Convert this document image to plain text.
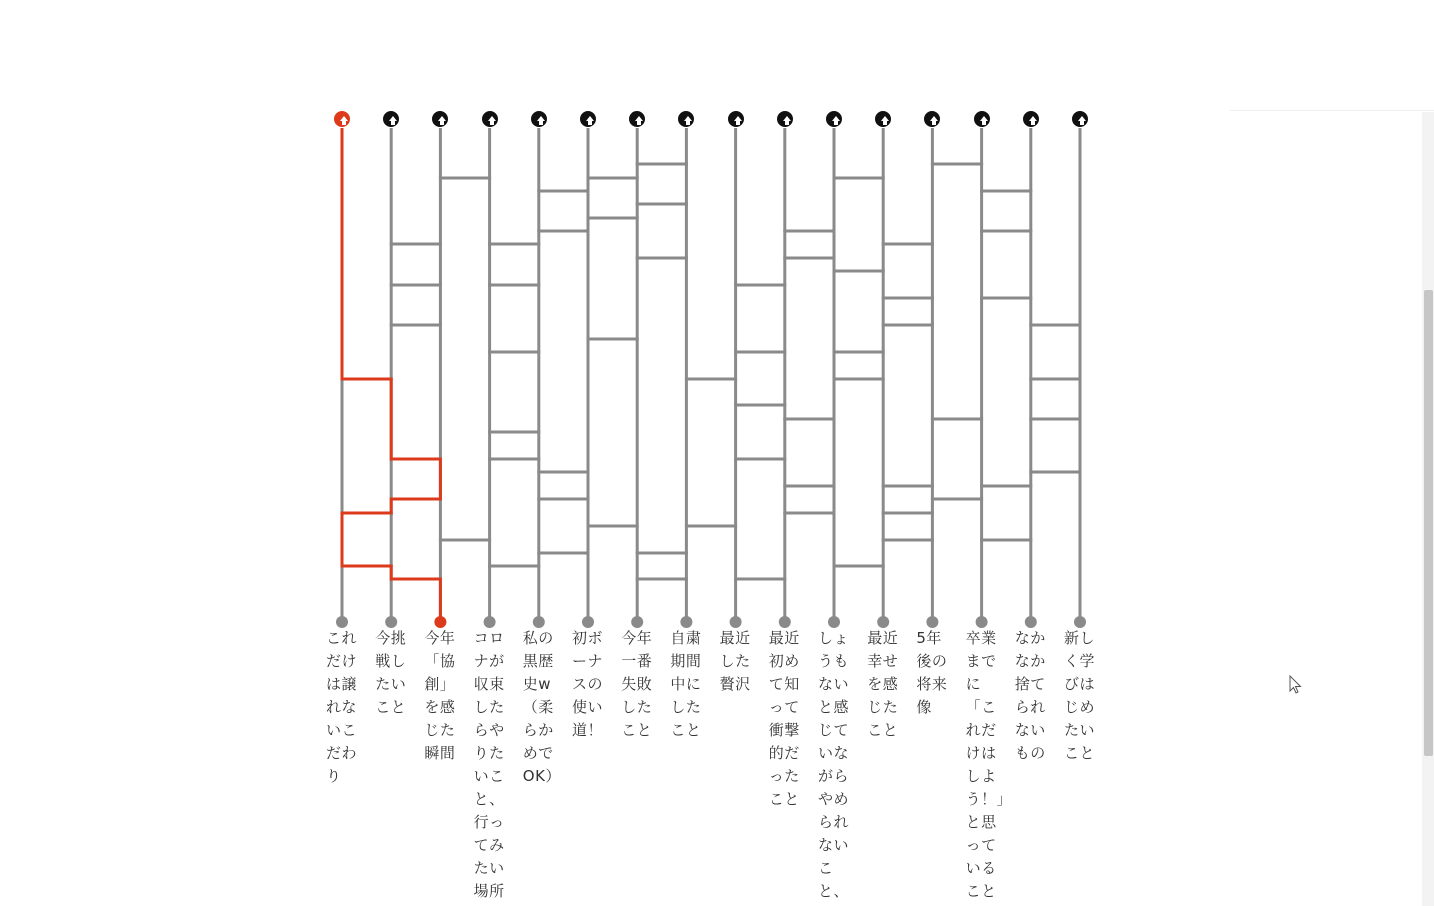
これだけは譲れないこだわり
今挑戦したいこと
今年「協創」を感じた瞬間
コロナが収束したらやりたいこと、行ってみたい場所
私の黒歴史w（柔らかめでOK）
初ボーナスの使い道！
今年一番失敗したこと
自粛期間中にしたこと
最近した贅沢
最近初めて知って衝撃的だったこと
しょうもないと感じていながらやめられないこと、
最近幸せを感じたこと
5年後の将来像
卒業までに「これだけはしよう！」と思っていること
なかなか捨てられないもの
新しく学びはじめたいこと
